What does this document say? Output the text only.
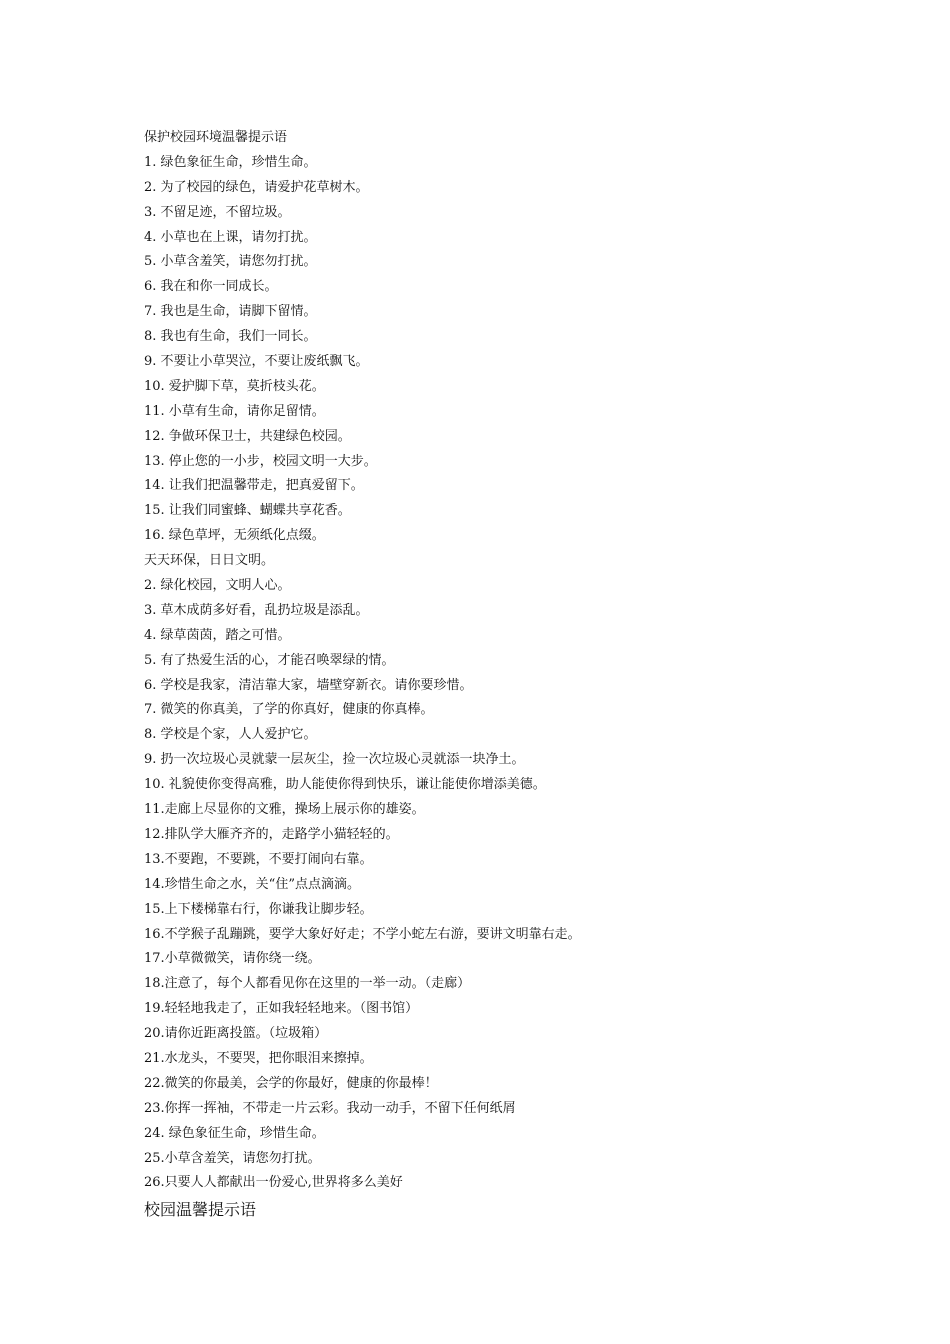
保护校园环境温馨提示语
1. 绿色象征生命，珍惜生命。
2. 为了校园的绿色，请爱护花草树木。
3. 不留足迹，不留垃圾。
4. 小草也在上课，请勿打扰。
5. 小草含羞笑，请您勿打扰。
6. 我在和你一同成长。
7. 我也是生命，请脚下留情。
8. 我也有生命，我们一同长。
9. 不要让小草哭泣，不要让废纸飘飞。
10. 爱护脚下草，莫折枝头花。
11. 小草有生命，请你足留情。
12. 争做环保卫士，共建绿色校园。
13. 停止您的一小步，校园文明一大步。
14. 让我们把温馨带走，把真爱留下。
15. 让我们同蜜蜂、蝴蝶共享花香。
16. 绿色草坪，无须纸化点缀。
天天环保，日日文明。
2. 绿化校园，文明人心。
3. 草木成荫多好看，乱扔垃圾是添乱。
4. 绿草茵茵，踏之可惜。
5. 有了热爱生活的心，才能召唤翠绿的情。
6. 学校是我家，清洁靠大家，墙壁穿新衣。请你要珍惜。
7. 微笑的你真美，了学的你真好，健康的你真棒。
8. 学校是个家，人人爱护它。
9. 扔一次垃圾心灵就蒙一层灰尘，捡一次垃圾心灵就添一块净土。
10. 礼貌使你变得高雅，助人能使你得到快乐，谦让能使你增添美德。
11.走廊上尽显你的文雅，操场上展示你的雄姿。
12.排队学大雁齐齐的，走路学小猫轻轻的。
13.不要跑，不要跳，不要打闹向右靠。
14.珍惜生命之水，关“住”点点滴滴。
15.上下楼梯靠右行，你谦我让脚步轻。
16.不学猴子乱蹦跳，要学大象好好走；不学小蛇左右游，要讲文明靠右走。
17.小草微微笑，请你绕一绕。
18.注意了，每个人都看见你在这里的一举一动。（走廊）
19.轻轻地我走了，正如我轻轻地来。（图书馆）
20.请你近距离投篮。（垃圾箱）
21.水龙头，不要哭，把你眼泪来擦掉。
22.微笑的你最美，会学的你最好，健康的你最棒！
23.你挥一挥袖，不带走一片云彩。我动一动手，不留下任何纸屑
24. 绿色象征生命，珍惜生命。
25.小草含羞笑，请您勿打扰。
26.只要人人都献出一份爱心,世界将多么美好
校园温馨提示语
